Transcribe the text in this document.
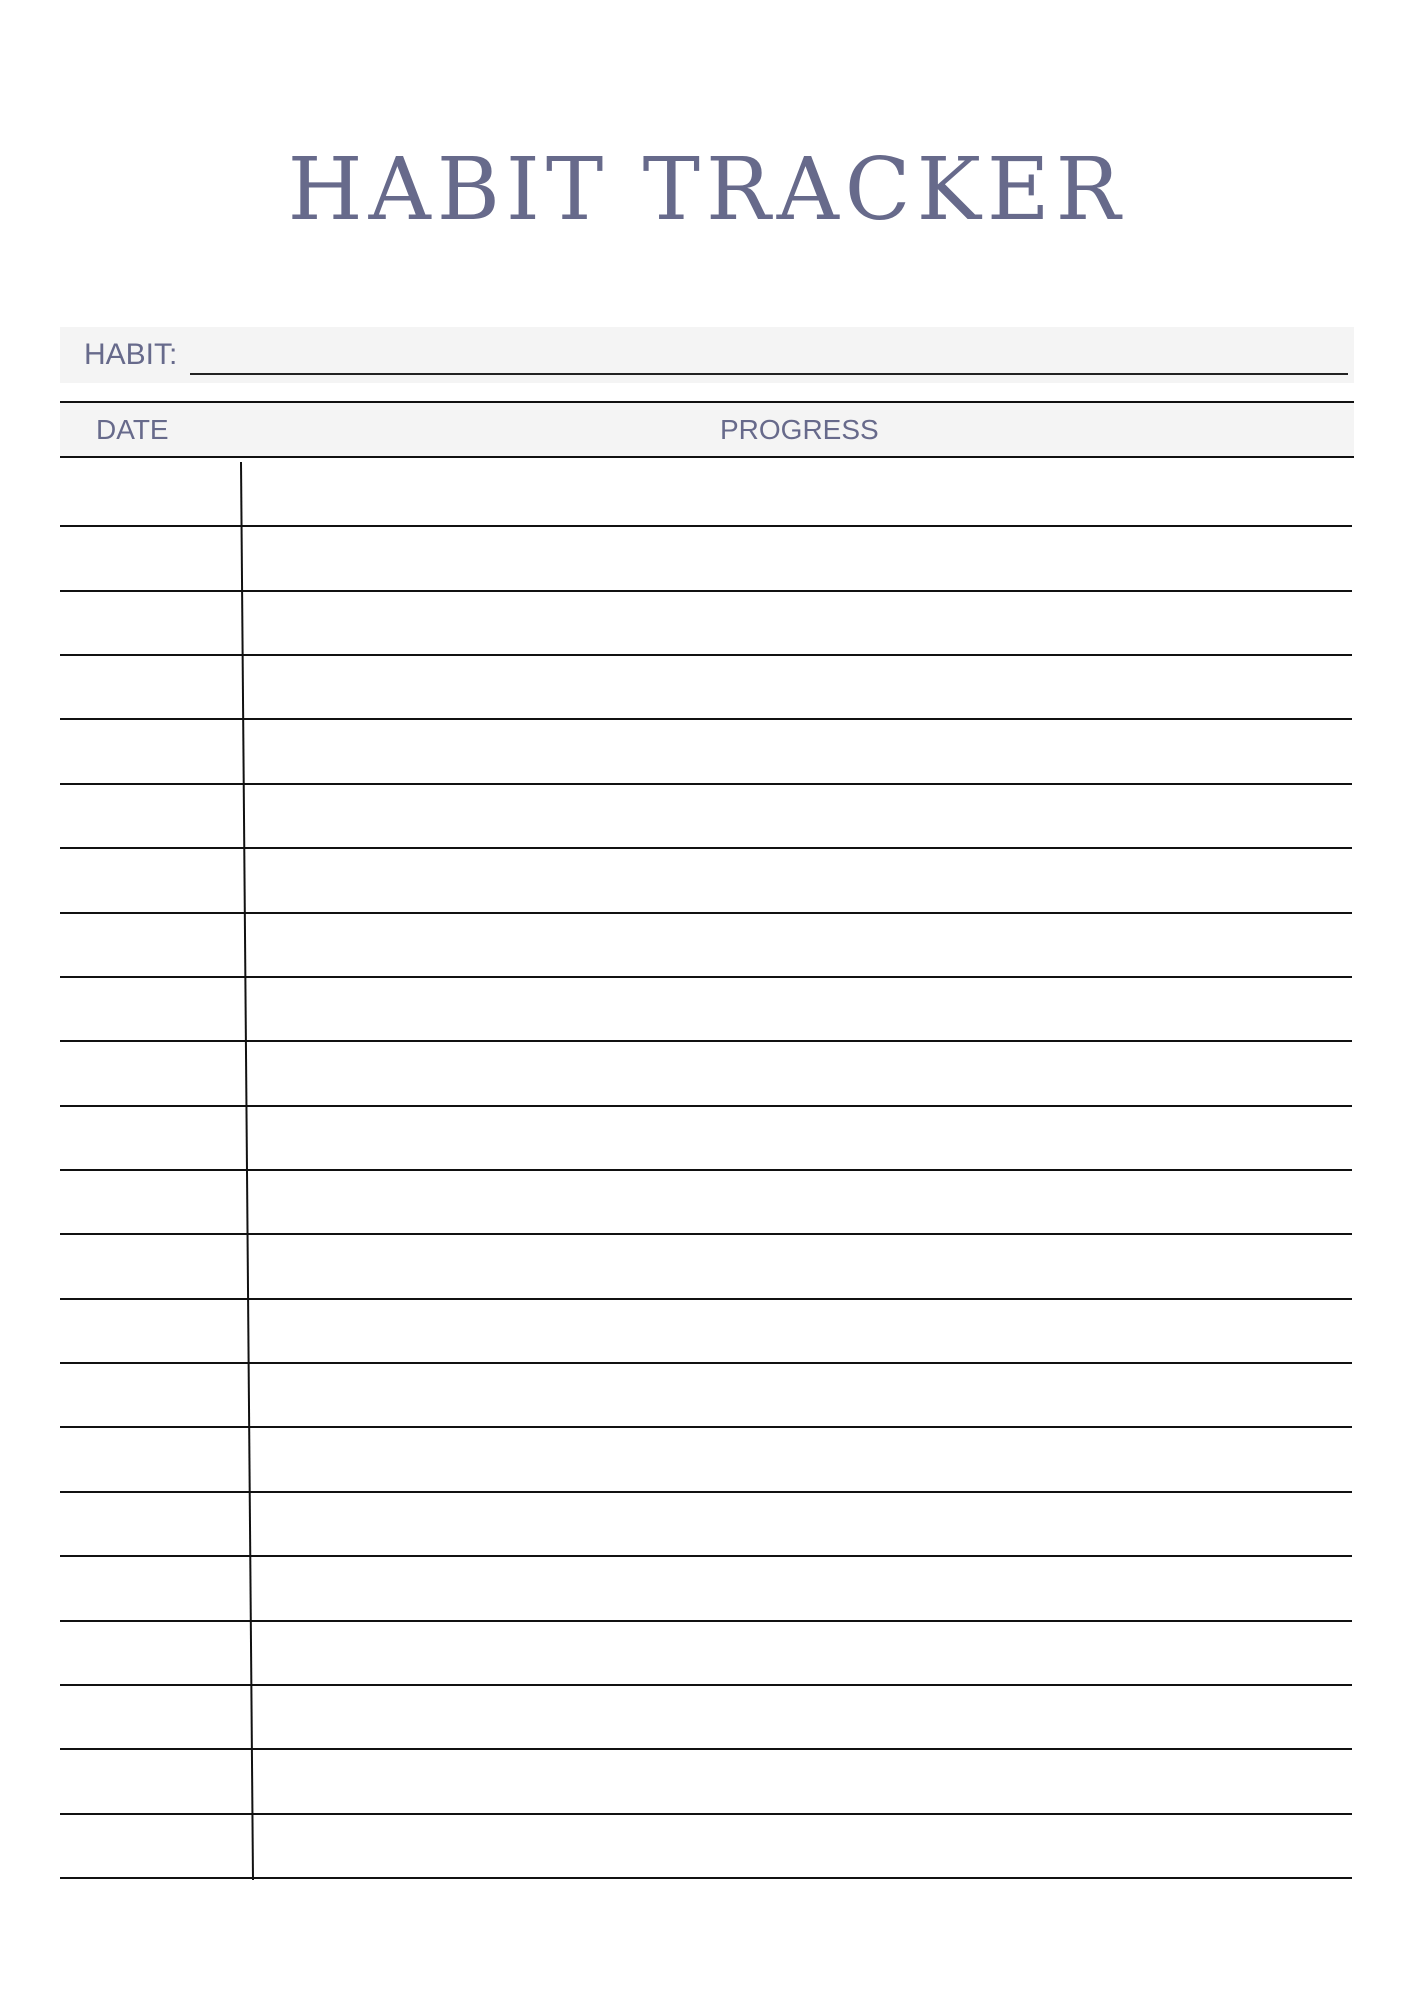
HABIT TRACKER
HABIT:
DATE	PROGRESS
